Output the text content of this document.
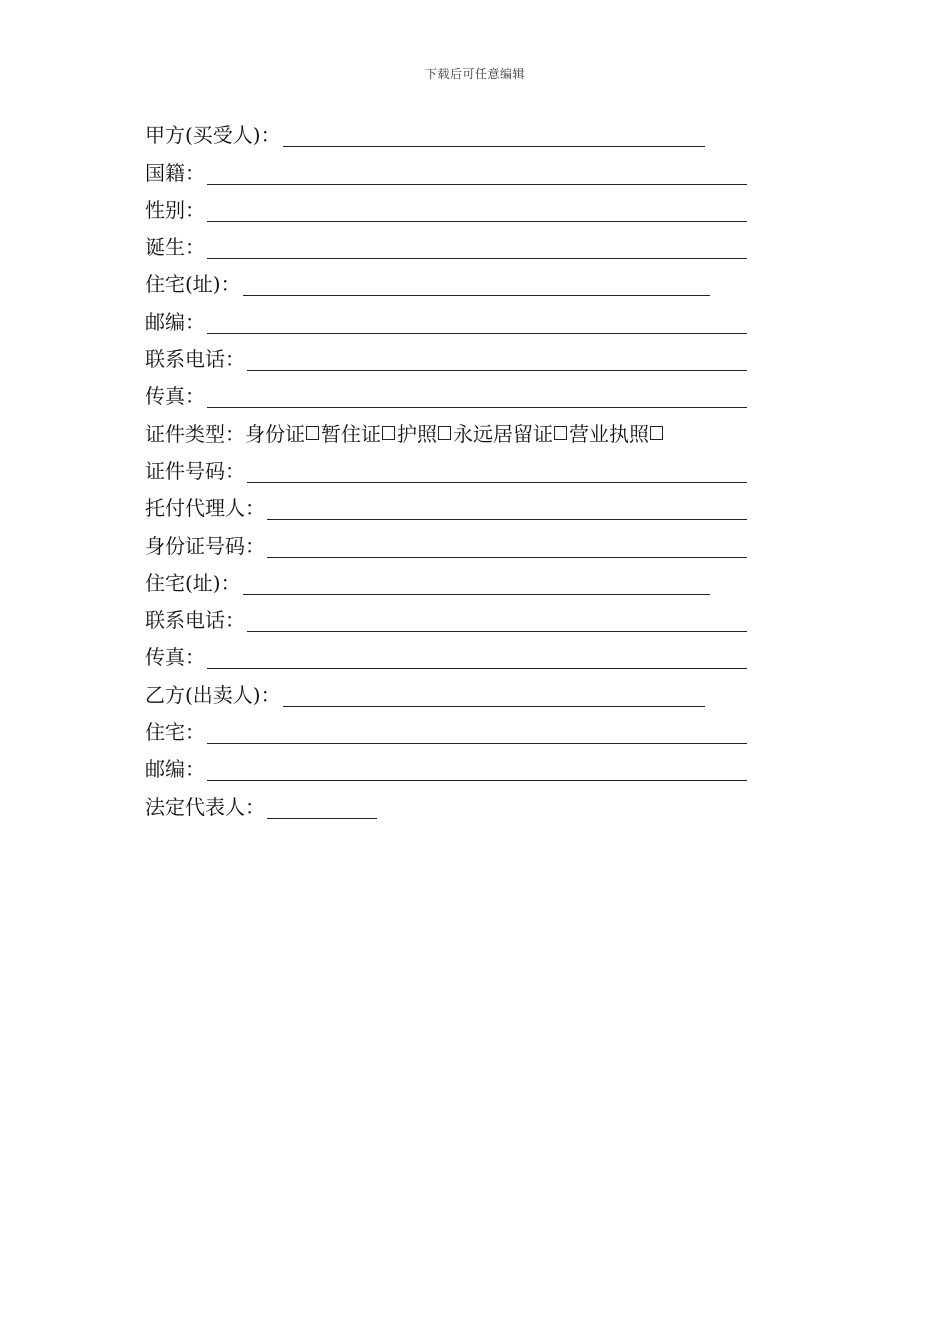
下载后可任意编辑
甲方(买受人)：
国籍：
性别：
诞生：
住宅(址)：
邮编：
联系电话：
传真：
证件类型： 身份证 暂住证 护照 永远居留证 营业执照
证件号码：
托付代理人：
身份证号码：
住宅(址)：
联系电话：
传真：
乙方(出卖人)：
住宅：
邮编：
法定代表人：
